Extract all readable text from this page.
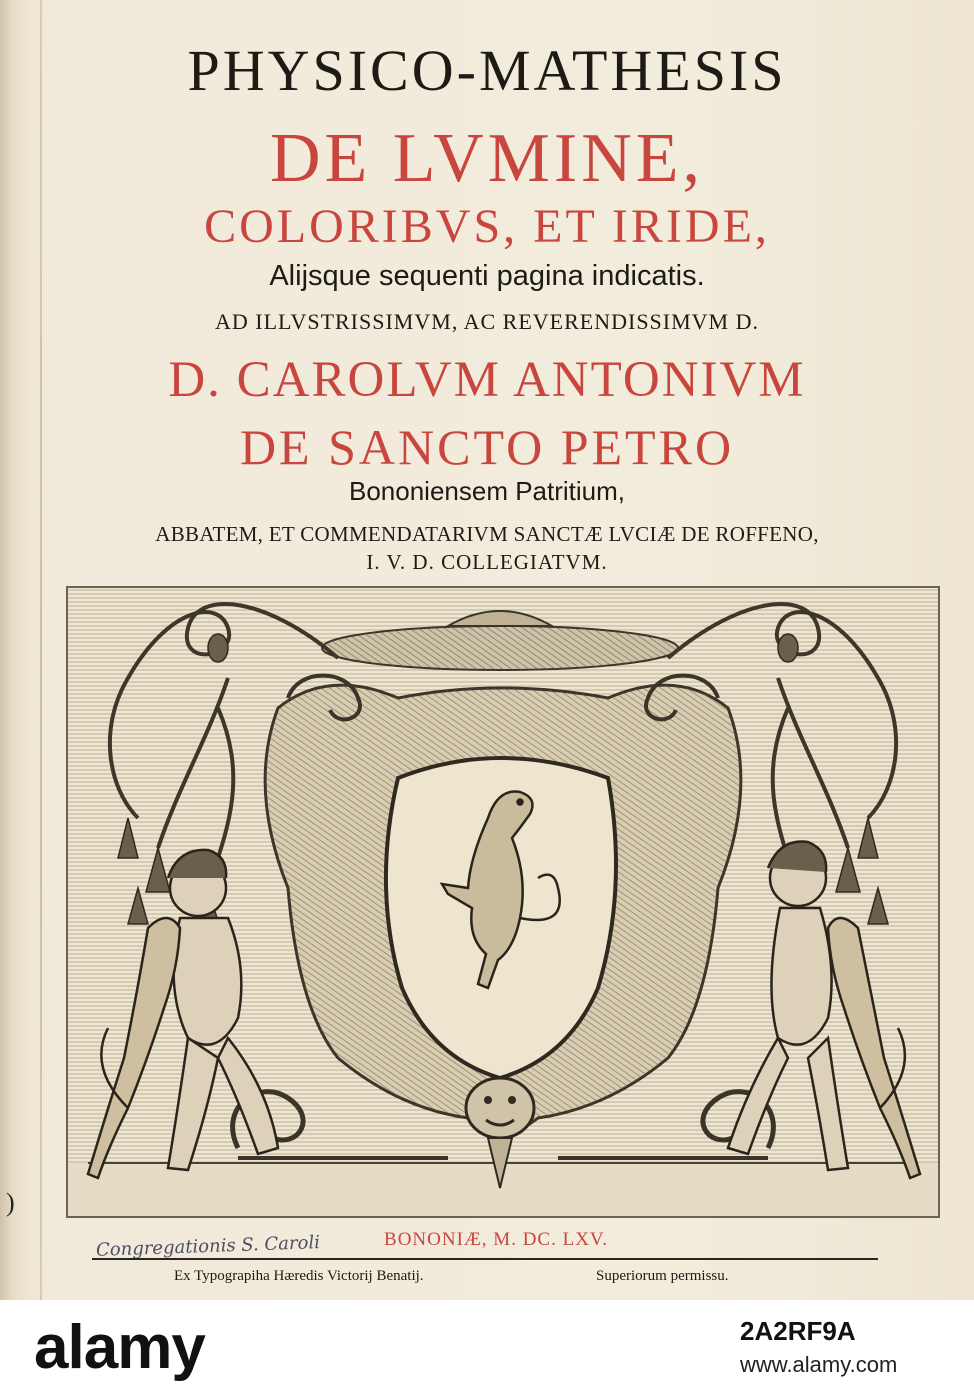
)

PHYSICO-MATHESIS

DE LVMINE,

COLORIBVS, ET IRIDE,

Alijsque sequenti pagina indicatis.

AD ILLVSTRISSIMVM, AC REVERENDISSIMVM D.

D. CAROLVM ANTONIVM

DE SANCTO PETRO

Bononiensem Patritium,

ABBATEM, ET COMMENDATARIVM SANCTÆ LVCIÆ DE ROFFENO,

I. V. D. COLLEGIATVM.

Congregationis S. Caroli	BONONIÆ, M. DC. LXV.
Ex Typograpiha Hæredis Victorij Benatij.	Superiorum permissu.
alamy	2A2RF9A
www.alamy.com
